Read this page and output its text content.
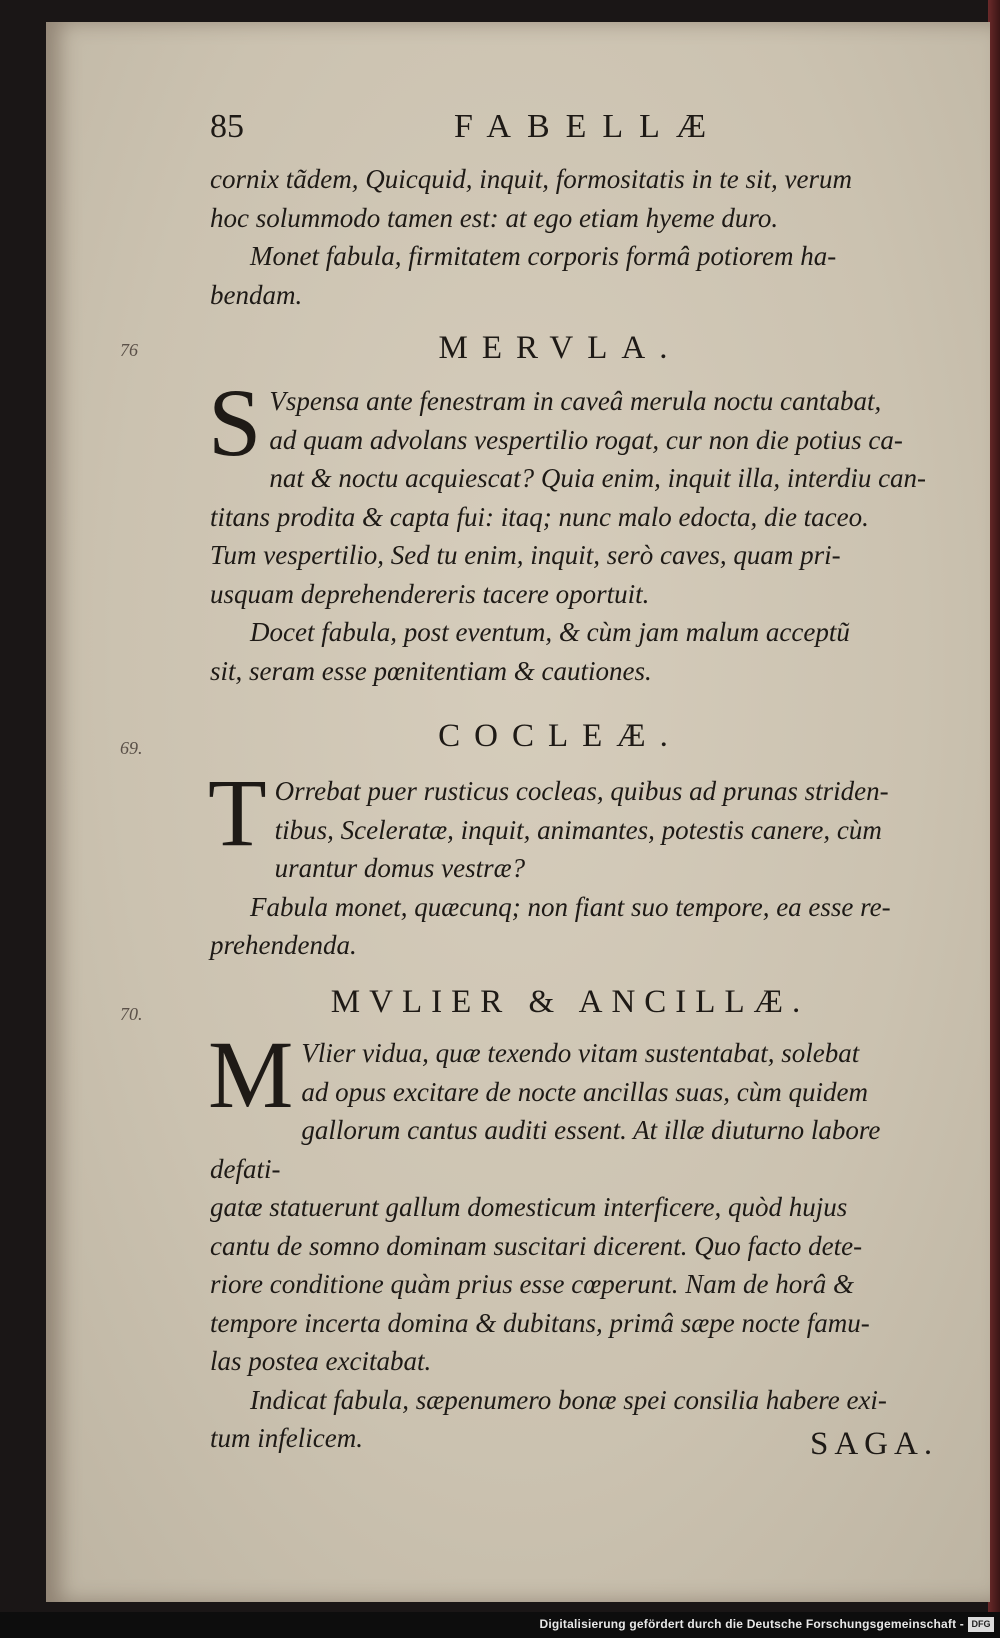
85	FABELLÆ
cornix tãdem, Quicquid, inquit, formositatis in te sit, verum
hoc solummodo tamen est: at ego etiam hyeme duro.
Monet fabula, firmitatem corporis formâ potiorem ha-
bendam.
76	MERVLA.
S Vspensa ante fenestram in caveâ merula noctu cantabat,
ad quam advolans vespertilio rogat, cur non die potius ca-
nat & noctu acquiescat? Quia enim, inquit illa, interdiu can-
titans prodita & capta fui: itaq; nunc malo edocta, die taceo.
Tum vespertilio, Sed tu enim, inquit, serò caves, quam pri-
usquam deprehendereris tacere oportuit.
Docet fabula, post eventum, & cùm jam malum acceptũ
sit, seram esse pœnitentiam & cautiones.
69.	COCLEÆ.
T Orrebat puer rusticus cocleas, quibus ad prunas striden-
tibus, Sceleratæ, inquit, animantes, potestis canere, cùm
urantur domus vestræ?
Fabula monet, quæcunq; non fiant suo tempore, ea esse re-
prehendenda.
70.	MVLIER & ANCILLÆ.
M Vlier vidua, quæ texendo vitam sustentabat, solebat
ad opus excitare de nocte ancillas suas, cùm quidem
gallorum cantus auditi essent. At illæ diuturno labore defati-
gatæ statuerunt gallum domesticum interficere, quòd hujus
cantu de somno dominam suscitari dicerent. Quo facto dete-
riore conditione quàm prius esse cœperunt. Nam de horâ &
tempore incerta domina & dubitans, primâ sæpe nocte famu-
las postea excitabat.
Indicat fabula, sæpenumero bonæ spei consilia habere exi-
tum infelicem.	SAGA.
Digitalisierung gefördert durch die Deutsche Forschungsgemeinschaft - DFG
